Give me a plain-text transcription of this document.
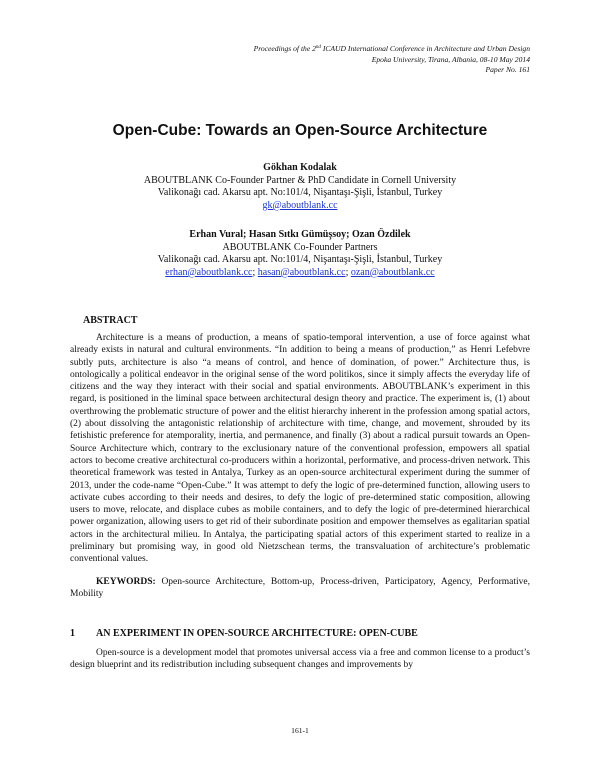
Proceedings of the 2nd ICAUD International Conference in Architecture and Urban Design
Epoka University, Tirana, Albania, 08-10 May 2014
Paper No. 161
Open-Cube: Towards an Open-Source Architecture
Gökhan Kodalak
ABOUTBLANK Co-Founder Partner & PhD Candidate in Cornell University
Valikonağı cad. Akarsu apt. No:101/4, Nişantaşı-Şişli, İstanbul, Turkey
gk@aboutblank.cc
Erhan Vural; Hasan Sıtkı Gümüşsoy; Ozan Özdilek
ABOUTBLANK Co-Founder Partners
Valikonağı cad. Akarsu apt. No:101/4, Nişantaşı-Şişli, İstanbul, Turkey
erhan@aboutblank.cc; hasan@aboutblank.cc; ozan@aboutblank.cc
ABSTRACT

Architecture is a means of production, a means of spatio-temporal intervention, a use of force against what already exists in natural and cultural environments. “In addition to being a means of production,” as Henri Lefebvre subtly puts, architecture is also “a means of control, and hence of domination, of power.” Architecture thus, is ontologically a political endeavor in the original sense of the word politikos, since it simply affects the everyday life of citizens and the way they interact with their social and spatial environments. ABOUTBLANK’s experiment in this regard, is positioned in the liminal space between architectural design theory and practice. The experiment is, (1) about overthrowing the problematic structure of power and the elitist hierarchy inherent in the profession among spatial actors, (2) about dissolving the antagonistic relationship of architecture with time, change, and movement, shrouded by its fetishistic preference for atemporality, inertia, and permanence, and finally (3) about a radical pursuit towards an Open-Source Architecture which, contrary to the exclusionary nature of the conventional profession, empowers all spatial actors to become creative architectural co-producers within a horizontal, performative, and process-driven network. This theoretical framework was tested in Antalya, Turkey as an open-source architectural experiment during the summer of 2013, under the code-name “Open-Cube.” It was attempt to defy the logic of pre-determined function, allowing users to activate cubes according to their needs and desires, to defy the logic of pre-determined static composition, allowing users to move, relocate, and displace cubes as mobile containers, and to defy the logic of pre-determined hierarchical power organization, allowing users to get rid of their subordinate position and empower themselves as egalitarian spatial actors in the architectural milieu. In Antalya, the participating spatial actors of this experiment started to realize in a preliminary but promising way, in good old Nietzschean terms, the transvaluation of architecture’s problematic conventional values.

KEYWORDS: Open-source Architecture, Bottom-up, Process-driven, Participatory, Agency, Performative, Mobility

1 AN EXPERIMENT IN OPEN-SOURCE ARCHITECTURE: OPEN-CUBE

Open-source is a development model that promotes universal access via a free and common license to a product’s design blueprint and its redistribution including subsequent changes and improvements by

161-1
